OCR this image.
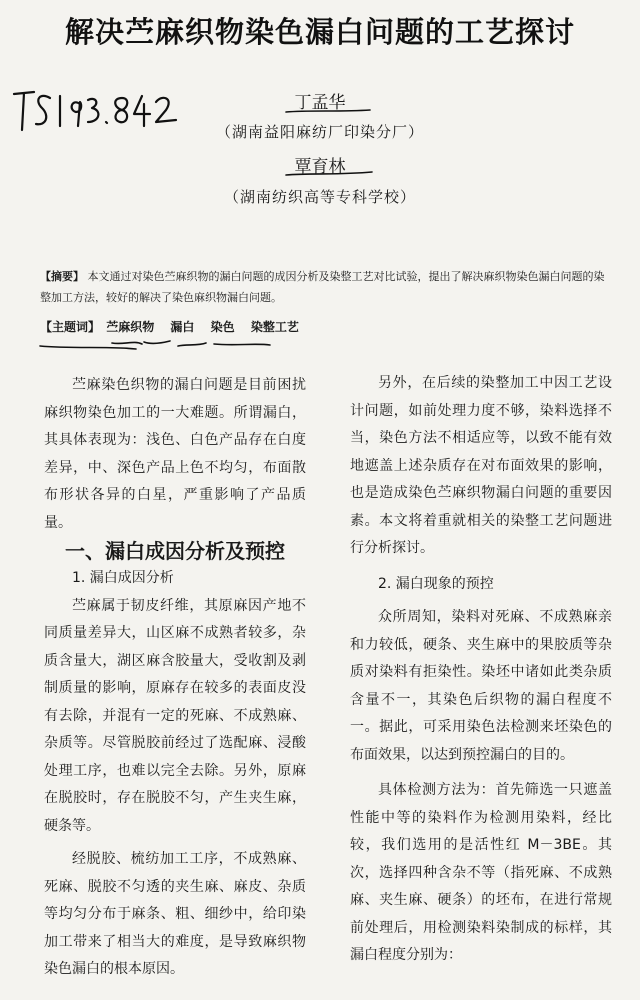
解决苎麻织物染色漏白问题的工艺探讨
丁孟华
（湖南益阳麻纺厂印染分厂）
覃育林
（湖南纺织高等专科学校）
【摘要】 本文通过对染色苎麻织物的漏白问题的成因分析及染整工艺对比试验，提出了解决麻织物染色漏白问题的染整加工方法，较好的解决了染色麻织物漏白问题。
【主题词】 苎麻织物 漏白 染色 染整工艺

苎麻染色织物的漏白问题是目前困扰麻织物染色加工的一大难题。所谓漏白，其具体表现为：浅色、白色产品存在白度差异，中、深色产品上色不均匀，布面散布形状各异的白星，严重影响了产品质量。

一、漏白成因分析及预控

1. 漏白成因分析

苎麻属于韧皮纤维，其原麻因产地不同质量差异大，山区麻不成熟者较多，杂质含量大，湖区麻含胶量大，受收割及剥制质量的影响，原麻存在较多的表面皮没有去除，并混有一定的死麻、不成熟麻、杂质等。尽管脱胶前经过了选配麻、浸酸处理工序，也难以完全去除。另外，原麻在脱胶时，存在脱胶不匀，产生夹生麻，硬条等。

经脱胶、梳纺加工工序，不成熟麻、死麻、脱胶不匀透的夹生麻、麻皮、杂质等均匀分布于麻条、粗、细纱中，给印染加工带来了相当大的难度，是导致麻织物染色漏白的根本原因。

另外，在后续的染整加工中因工艺设计问题，如前处理力度不够，染料选择不当，染色方法不相适应等，以致不能有效地遮盖上述杂质存在对布面效果的影响，也是造成染色苎麻织物漏白问题的重要因素。本文将着重就相关的染整工艺问题进行分析探讨。

2. 漏白现象的预控

众所周知，染料对死麻、不成熟麻亲和力较低，硬条、夹生麻中的果胶质等杂质对染料有拒染性。染坯中诸如此类杂质含量不一，其染色后织物的漏白程度不一。据此，可采用染色法检测来坯染色的布面效果，以达到预控漏白的目的。

具体检测方法为：首先筛选一只遮盖性能中等的染料作为检测用染料，经比较，我们选用的是活性红 M－3BE。其次，选择四种含杂不等（指死麻、不成熟麻、夹生麻、硬条）的坯布，在进行常规前处理后，用检测染料染制成的标样，其漏白程度分别为：
